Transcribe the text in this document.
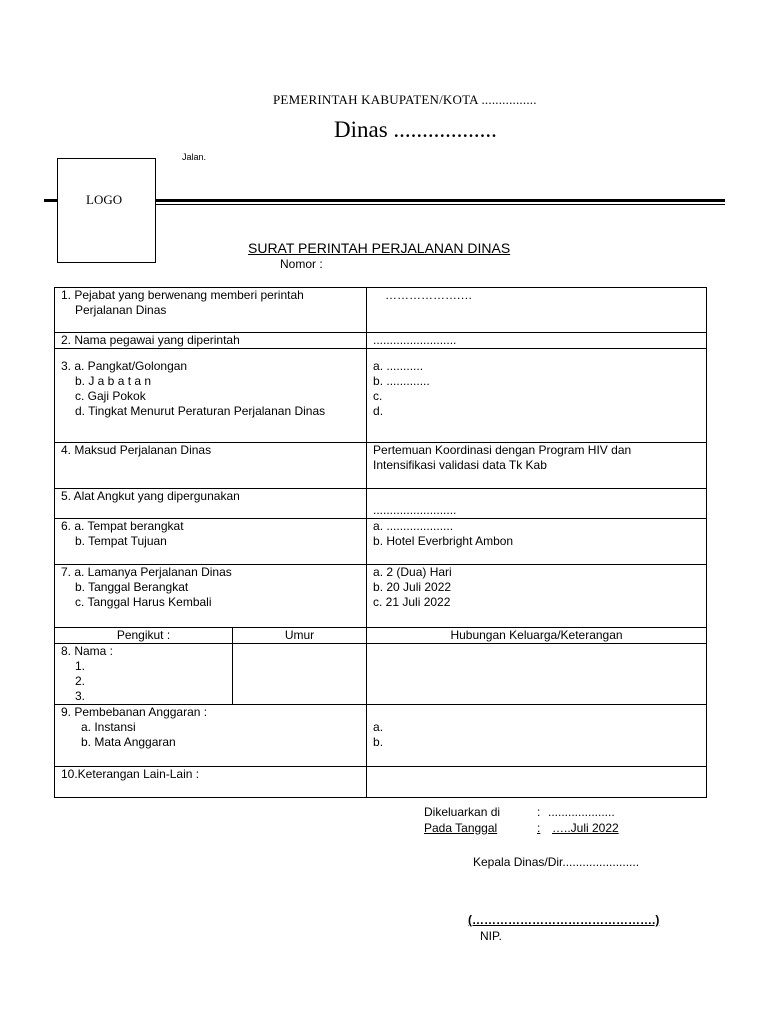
PEMERINTAH KABUPATEN/KOTA ................
Dinas ..................
Jalan.
LOGO
SURAT PERINTAH PERJALANAN DINAS
Nomor :
1. Pejabat yang berwenang memberi perintah
Perjalanan Dinas		……………….…

2. Nama pegawai yang diperintah		.........................

3. a. Pangkat/Golongan
b. J a b a t a n
c. Gaji Pokok
d. Tingkat Menurut Peraturan Perjalanan Dinas		a. ...........
b. .............
c.
d.

4. Maksud Perjalanan Dinas		Pertemuan Koordinasi dengan Program HIV dan
Intensifikasi validasi data Tk Kab

5. Alat Angkut yang dipergunakan		.........................

6. a. Tempat berangkat
b. Tempat Tujuan		a. ....................
b. Hotel Everbright Ambon

7. a. Lamanya Perjalanan Dinas
b. Tanggal Berangkat
c. Tanggal Harus Kembali		a. 2 (Dua) Hari
b. 20 Juli 2022
c. 21 Juli 2022

Pengikut :	Umur	Hubungan Keluarga/Keterangan

8. Nama :
1.
2.
3.		

9. Pembebanan Anggaran :
a. Instansi
b. Mata Anggaran		a.
b.

10.Keterangan Lain-Lain :		
Dikeluarkan di	: ....................
Pada Tanggal	: …..Juli 2022
Kepala Dinas/Dir.......................
(……………………………………….)
NIP.
